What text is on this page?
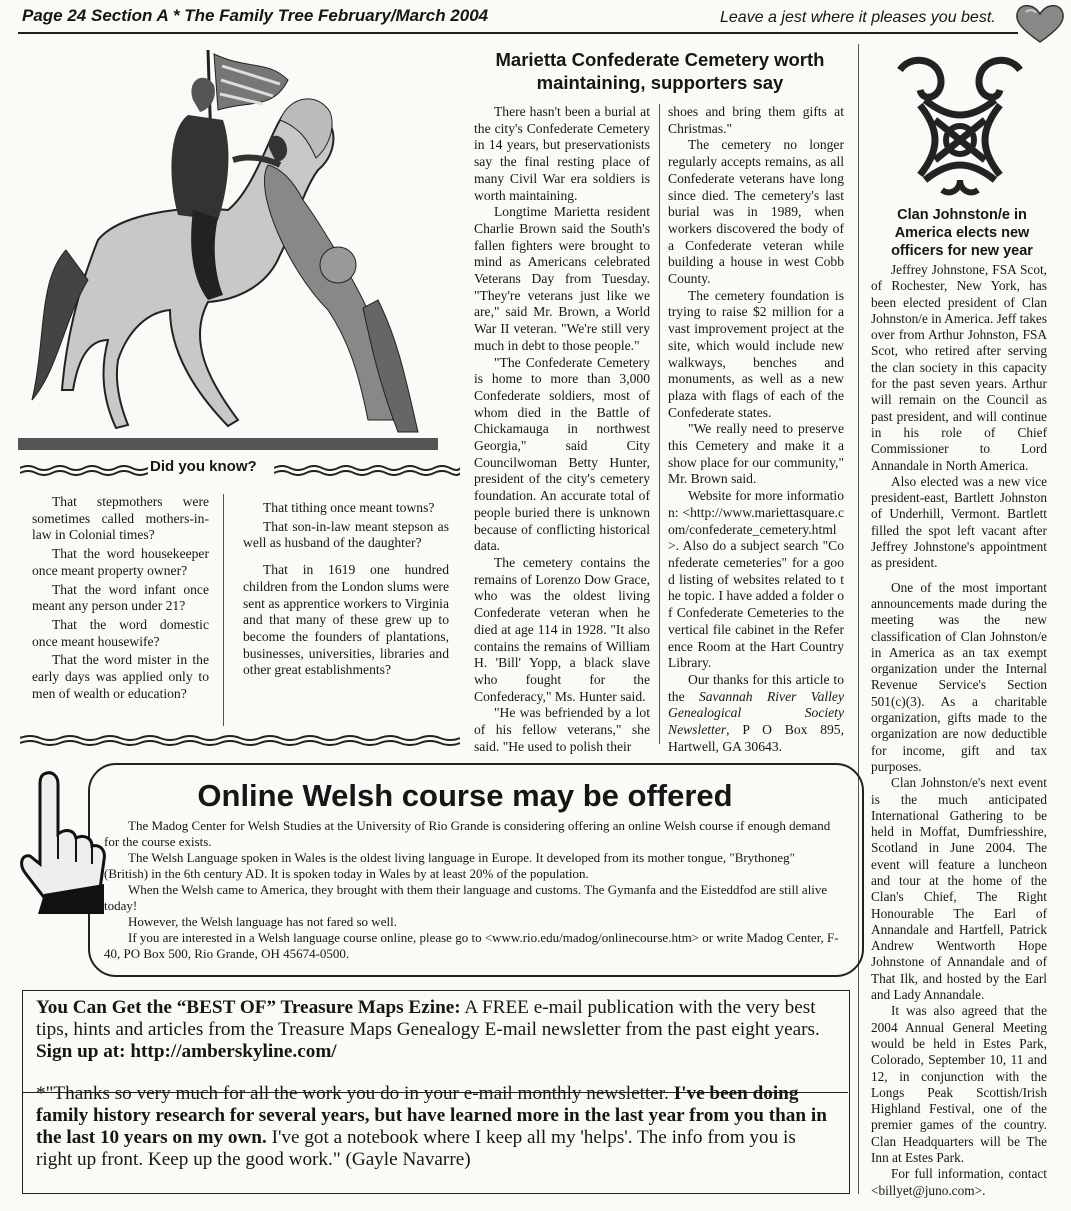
Page 24 Section A * The Family Tree February/March 2004	Leave a jest where it pleases you best.
Did you know?

That stepmothers were sometimes called mothers-in-law in Colonial times?

That the word housekeeper once meant property owner?

That the word infant once meant any person under 21?

That the word domestic once meant housewife?

That the word mister in the early days was applied only to men of wealth or education?

That tithing once meant towns?

That son-in-law meant stepson as well as husband of the daughter?

That in 1619 one hundred children from the London slums were sent as apprentice workers to Virginia and that many of these grew up to become the founders of plantations, businesses, universities, libraries and other great establishments?

Marietta Confederate Cemetery worth maintaining, supporters say

There hasn't been a burial at the city's Confederate Cemetery in 14 years, but preservationists say the final resting place of many Civil War era soldiers is worth maintaining.

Longtime Marietta resident Charlie Brown said the South's fallen fighters were brought to mind as Americans celebrated Veterans Day from Tuesday. "They're veterans just like we are," said Mr. Brown, a World War II veteran. "We're still very much in debt to those people."

"The Confederate Cemetery is home to more than 3,000 Confederate soldiers, most of whom died in the Battle of Chickamauga in northwest Georgia," said City Councilwoman Betty Hunter, president of the city's cemetery foundation. An accurate total of people buried there is unknown because of conflicting historical data.

The cemetery contains the remains of Lorenzo Dow Grace, who was the oldest living Confederate veteran when he died at age 114 in 1928. "It also contains the remains of William H. 'Bill' Yopp, a black slave who fought for the Confederacy," Ms. Hunter said.

"He was befriended by a lot of his fellow veterans," she said. "He used to polish their

shoes and bring them gifts at Christmas."

The cemetery no longer regularly accepts remains, as all Confederate veterans have long since died. The cemetery's last burial was in 1989, when workers discovered the body of a Confederate veteran while building a house in west Cobb County.

The cemetery foundation is trying to raise $2 million for a vast improvement project at the site, which would include new walkways, benches and monuments, as well as a new plaza with flags of each of the Confederate states.

"We really need to preserve this Cemetery and make it a show place for our community," Mr. Brown said.

Website for more information: <http://www.mariettasquare.com/confederate_cemetery.html>. Also do a subject search "Confederate cemeteries" for a good listing of websites related to the topic. I have added a folder of Confederate Cemeteries to the vertical file cabinet in the Reference Room at the Hart Country Library.

Our thanks for this article to the Savannah River Valley Genealogical Society Newsletter, P O Box 895, Hartwell, GA 30643.

Clan Johnston/e in America elects new officers for new year

Jeffrey Johnstone, FSA Scot, of Rochester, New York, has been elected president of Clan Johnston/e in America. Jeff takes over from Arthur Johnston, FSA Scot, who retired after serving the clan society in this capacity for the past seven years. Arthur will remain on the Council as past president, and will continue in his role of Chief Commissioner to Lord Annandale in North America.

Also elected was a new vice president-east, Bartlett Johnston of Underhill, Vermont. Bartlett filled the spot left vacant after Jeffrey Johnstone's appointment as president.

One of the most important announcements made during the meeting was the new classification of Clan Johnston/e in America as an tax exempt organization under the Internal Revenue Service's Section 501(c)(3). As a charitable organization, gifts made to the organization are now deductible for income, gift and tax purposes.

Clan Johnston/e's next event is the much anticipated International Gathering to be held in Moffat, Dumfriesshire, Scotland in June 2004. The event will feature a luncheon and tour at the home of the Clan's Chief, The Right Honourable The Earl of Annandale and Hartfell, Patrick Andrew Wentworth Hope Johnstone of Annandale and of That Ilk, and hosted by the Earl and Lady Annandale.

It was also agreed that the 2004 Annual General Meeting would be held in Estes Park, Colorado, September 10, 11 and 12, in conjunction with the Longs Peak Scottish/Irish Highland Festival, one of the premier games of the country. Clan Headquarters will be The Inn at Estes Park.

For full information, contact <billyet@juno.com>.

Online Welsh course may be offered

The Madog Center for Welsh Studies at the University of Rio Grande is considering offering an online Welsh course if enough demand for the course exists.

The Welsh Language spoken in Wales is the oldest living language in Europe. It developed from its mother tongue, "Brythoneg" (British) in the 6th century AD. It is spoken today in Wales by at least 20% of the population.

When the Welsh came to America, they brought with them their language and customs. The Gymanfa and the Eisteddfod are still alive today!

However, the Welsh language has not fared so well.

If you are interested in a Welsh language course online, please go to <www.rio.edu/madog/onlinecourse.htm> or write Madog Center, F-40, PO Box 500, Rio Grande, OH 45674-0500.

You Can Get the “BEST OF” Treasure Maps Ezine: A FREE e-mail publication with the very best tips, hints and articles from the Treasure Maps Genealogy E-mail newsletter from the past eight years. Sign up at: http://amberskyline.com/

*"Thanks so very much for all the work you do in your e-mail monthly newsletter. I've been doing family history research for several years, but have learned more in the last year from you than in the last 10 years on my own. I've got a notebook where I keep all my 'helps'. The info from you is right up front. Keep up the good work." (Gayle Navarre)
